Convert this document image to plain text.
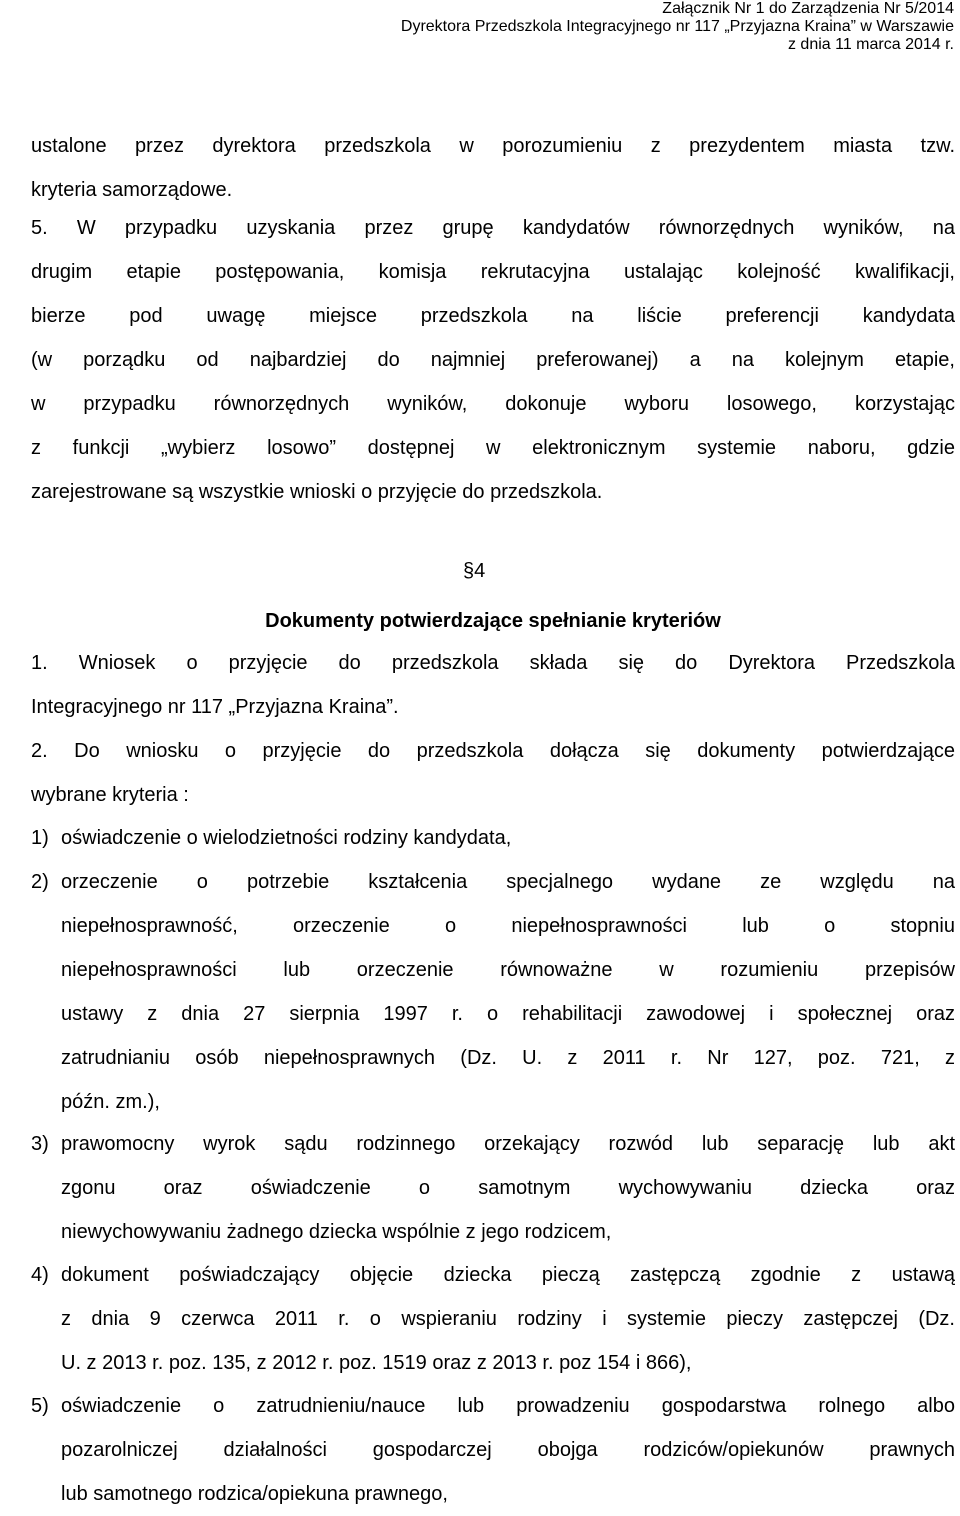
Załącznik Nr 1 do Zarządzenia Nr 5/2014
Dyrektora Przedszkola Integracyjnego nr 117 „Przyjazna Kraina” w Warszawie
z dnia 11 marca 2014 r.
ustalone przez dyrektora przedszkola w porozumieniu z prezydentem miasta tzw.
kryteria samorządowe.
5. W przypadku uzyskania przez grupę kandydatów równorzędnych wyników, na
drugim etapie postępowania, komisja rekrutacyjna ustalając kolejność kwalifikacji,
bierze pod uwagę miejsce przedszkola na liście preferencji kandydata
(w porządku od najbardziej do najmniej preferowanej) a na kolejnym etapie,
w przypadku równorzędnych wyników, dokonuje wyboru losowego, korzystając
z funkcji „wybierz losowo” dostępnej w elektronicznym systemie naboru, gdzie
zarejestrowane są wszystkie wnioski o przyjęcie do przedszkola.
§4
Dokumenty potwierdzające spełnianie kryteriów
1. Wniosek o przyjęcie do przedszkola składa się do Dyrektora Przedszkola
Integracyjnego nr 117 „Przyjazna Kraina”.
2. Do wniosku o przyjęcie do przedszkola dołącza się dokumenty potwierdzające
wybrane kryteria :
1) oświadczenie o wielodzietności rodziny kandydata,
2) orzeczenie o potrzebie kształcenia specjalnego wydane ze względu na
niepełnosprawność, orzeczenie o niepełnosprawności lub o stopniu
niepełnosprawności lub orzeczenie równoważne w rozumieniu przepisów
ustawy z dnia 27 sierpnia 1997 r. o rehabilitacji zawodowej i społecznej oraz
zatrudnianiu osób niepełnosprawnych (Dz. U. z 2011 r. Nr 127, poz. 721, z
późn. zm.),
3) prawomocny wyrok sądu rodzinnego orzekający rozwód lub separację lub akt
zgonu oraz oświadczenie o samotnym wychowywaniu dziecka oraz
niewychowywaniu żadnego dziecka wspólnie z jego rodzicem,
4) dokument poświadczający objęcie dziecka pieczą zastępczą zgodnie z ustawą
z dnia 9 czerwca 2011 r. o wspieraniu rodziny i systemie pieczy zastępczej (Dz.
U. z 2013 r. poz. 135, z 2012 r. poz. 1519 oraz z 2013 r. poz 154 i 866),
5) oświadczenie o zatrudnieniu/nauce lub prowadzeniu gospodarstwa rolnego albo
pozarolniczej działalności gospodarczej obojga rodziców/opiekunów prawnych
lub samotnego rodzica/opiekuna prawnego,
